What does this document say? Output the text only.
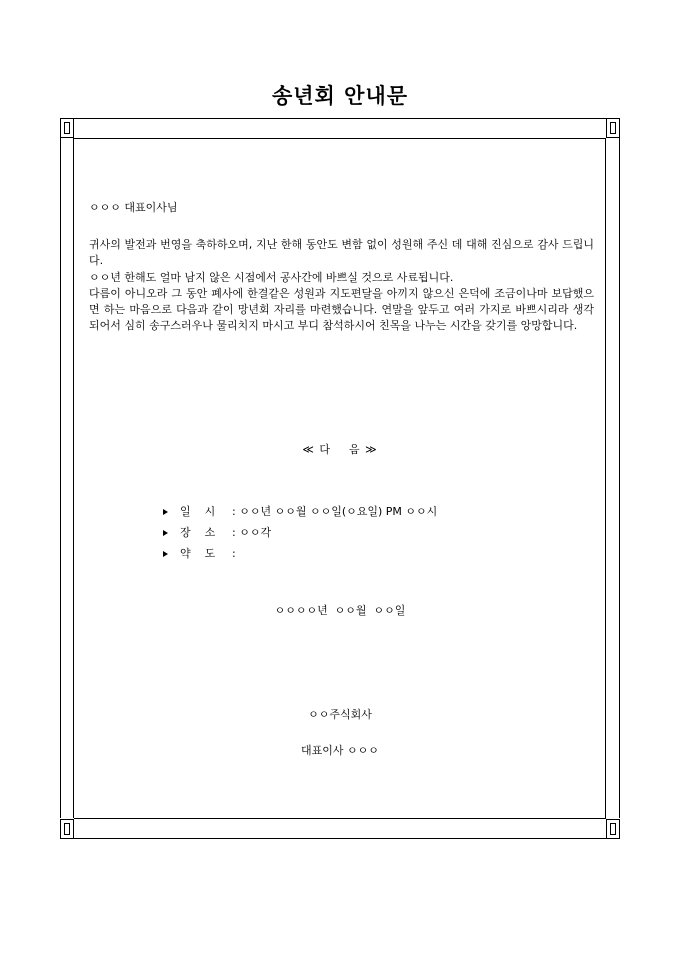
송년회 안내문
ㅇㅇㅇ 대표이사님

귀사의 발전과 번영을 축하하오며, 지난 한해 동안도 변함 없이 성원해 주신 데 대해 진심으로 감사 드립니다.

ㅇㅇ년 한해도 얼마 남지 않은 시점에서 공사간에 바쁘실 것으로 사료됩니다.

다름이 아니오라 그 동안 폐사에 한결같은 성원과 지도편달을 아끼지 않으신 은덕에 조금이나마 보답했으면 하는 마음으로 다음과 같이 망년회 자리를 마련했습니다. 연말을 앞두고 여러 가지로 바쁘시리라 생각되어서 심히 송구스러우나 물리치지 마시고 부디 참석하시어 친목을 나누는 시간을 갖기를 앙망합니다.

≪ 다    음 ≫
일    시	: ㅇㅇ년 ㅇㅇ월 ㅇㅇ일(ㅇ요일) PM ㅇㅇ시
장    소	: ㅇㅇ각
약    도	:
ㅇㅇㅇㅇ년  ㅇㅇ월  ㅇㅇ일
ㅇㅇ주식회사
대표이사 ㅇㅇㅇ
